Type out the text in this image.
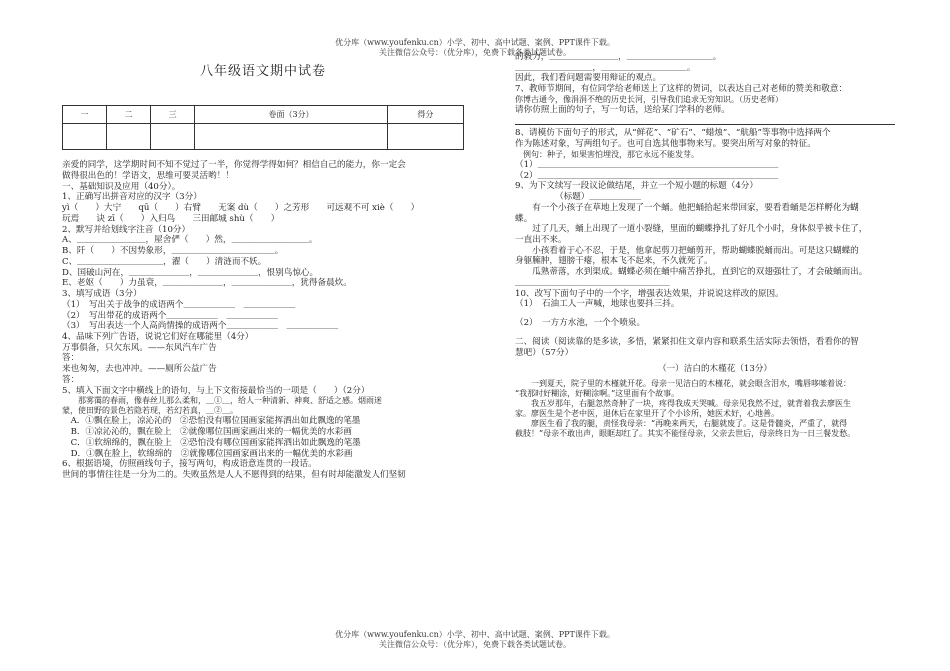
优分库（www.youfenku.cn）小学、初中、高中试题、案例、PPT课件下载。
关注微信公众号：（优分库），免费下载各类试题试卷。
八年级语文期中试卷
一	二	三	卷面（3分）	得分

亲爱的同学，这学期时间不知不觉过了一半，你觉得学得如何？相信自己的能力，你一定会
做得很出色的！学语文，思维可要灵活哟！！
一、基础知识及应用（40分）。
1、正确写出拼音对应的汉字（3分）
yì（　　）大宁　　qū（　　）右臂　　无案 dù（　　）之芳形　　可远观不可 xiè（　　）
玩焉　　诀 zī（　　）入归鸟　　三田邮城 shù（　　）
2、默写并给划线字注音（10分）
A、＿＿＿＿＿＿＿＿，屋舍俨（　　）然，＿＿＿＿＿＿＿＿＿。
B、阡（　　）不因势象形，＿＿＿＿＿＿＿＿＿＿＿＿。
C、＿＿＿＿＿＿＿＿＿＿，濯（　　）清涟而不妖。
D、国破山河在，＿＿＿＿＿＿＿，＿＿＿＿＿＿＿，恨别鸟惊心。
E、老妪（　　）力虽衰，＿＿＿＿＿＿＿，＿＿＿＿＿＿＿，犹得备晨炊。
3、填写成语（3分）
（1）　写出关于战争的成语两个＿＿＿＿＿＿　＿＿＿＿＿＿
（2）　写出带花的成语两个＿＿＿＿＿＿　＿＿＿＿＿＿
（3）　写出表达一个人高尚情操的成语两个＿＿＿＿＿＿　＿＿＿＿＿＿
4、品味下列广告语，说说它们好在哪能里（4分）
万事俱备，只欠东风。——东风汽车广告
答：
来也匆匆，去也冲冲。——厕所公益广告
答：
5、填入下面文字中横线上的语句，与上下文衔接最恰当的一项是（　　）（2分）
　　那雾霭的春雨，像春丝儿那么柔和，＿①＿，给人一种清新、神爽、舒适之感。烟雨迷
蒙，使田野的景色若隐若现，若幻若真，＿②＿。
　A．①飘在脸上，凉沁沁的　②恐怕没有哪位国画家能挥洒出如此飘逸的笔墨
　B．①凉沁沁的，飘在脸上　②就像哪位国画家画出来的一幅优美的水彩画
　C．①软绵绵的，飘在脸上　②恐怕没有哪位国画家能挥洒出如此飘逸的笔墨
　D．①飘在脸上，软绵绵的　②就像哪位国画家画出来的一幅优美的水彩画
6、根据语境，仿照画线句子，接写两句，构成语意连贯的一段话。
世间的事情往往是一分为二的。失败虽然是人人不愿得到的结果，但有时却能激发人们坚韧
的毅力，＿＿＿＿＿＿＿＿，＿＿＿＿＿＿＿＿＿＿。
＿＿＿＿＿＿＿＿＿，＿＿＿＿＿＿＿＿＿＿。
因此，我们看问题需要用辩证的观点。
7、教师节期间，有位同学给老师送上了这样的贺词，以表达自己对老师的赞美和敬意：
你博古通今，像涓涓不绝的历史长河，引导我们追求无穷知识。（历史老师）
请你仿照上面的句子，写一句话，送给某门学科的老师。
8、请模仿下面句子的形式，从“鲜花”、“矿石”、“蜡烛”、“航船”等事物中选择两个
作为陈述对象，写两组句子。也可自选其他事物来写。要突出所写对象的特征。
　例句：种子，如果害怕埋没，那它永远不能发芽。
（1）＿＿＿＿＿＿＿＿＿＿＿＿＿＿＿＿＿＿＿＿＿＿＿＿＿＿＿＿
（2）＿＿＿＿＿＿＿＿＿＿＿＿＿＿＿＿＿＿＿＿＿＿＿＿＿＿＿＿
9、为下文续写一段议论做结尾，并立一个短小题的标题（4分）
（标题）＿＿＿＿＿＿
　　有一个小孩子在草地上发现了一个蛹。他把蛹拾起来带回家，要看看蛹是怎样孵化为蝴
蝶。
　　过了几天，蛹上出现了一道小裂缝，里面的蝴蝶挣扎了好几个小时，身体似乎被卡住了，
一直出不来。
　　小孩看着于心不忍，于是，他拿起剪刀把蛹剪开，帮助蝴蝶脱蛹而出。可是这只蝴蝶的
身躯臃肿，翅膀干瘪，根本飞不起来，不久就死了。
　　瓜熟蒂落，水到渠成。蝴蝶必须在蛹中痛苦挣扎，直到它的双翅强壮了，才会破蛹而出。
＿＿＿＿＿＿＿＿＿＿＿＿＿＿＿＿＿＿
10、改写下面句子中的一个字，增强表达效果，并说说这样改的原因。
（1）　石油工人一声喊，地球也要抖三抖。
（2）　一方方水池，一个个喷泉。
二、阅读（阅读靠的是多读，多悟，紧紧扣住文章内容和联系生活实际去领悟，看看你的智
慧吧）（57分）
（一）洁白的木槿花（13分）
　　一到夏天，院子里的木槿就开花。母亲一见洁白的木槿花，就会眼含泪水，嘴唇哆嗦着说：
“我那时好糊涂，好糊涂啊。”这里面有个故事。
　　我五岁那年，右腿忽然奇肿了一块，疼得我成天哭喊。母亲见我然不过，就背着我去廖医生
家。廖医生是个老中医，退休后在家里开了个小诊所，她医术好，心地善。
　　廖医生看了我的腿，责怪我母亲：“再晚来两天，右腿就废了。这是骨髓炎，严重了，就得
截肢！”母亲不敢出声，眼眶却红了。其实不能怪母亲，父亲去世后，母亲终日为一日三餐发愁。
优分库（www.youfenku.cn）小学、初中、高中试题、案例、PPT课件下载。
关注微信公众号：（优分库），免费下载各类试题试卷。
